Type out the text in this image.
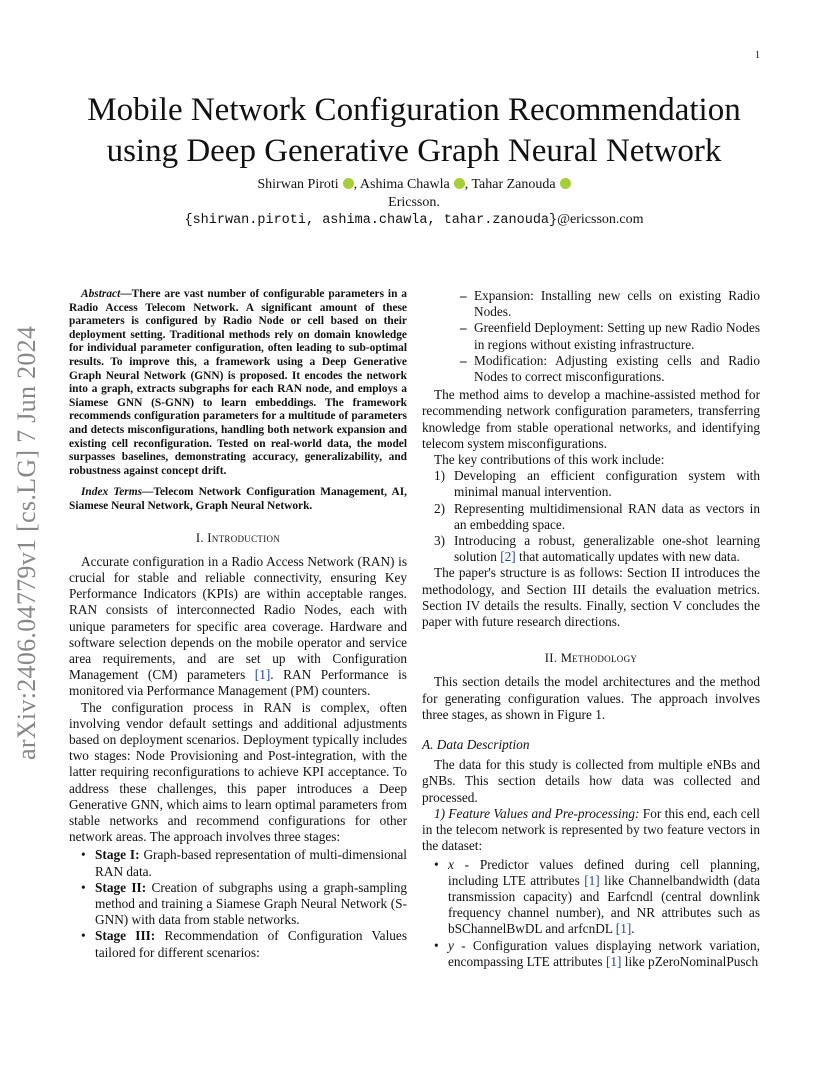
1
arXiv:2406.04779v1 [cs.LG] 7 Jun 2024
Mobile Network Configuration Recommendation
using Deep Generative Graph Neural Network
Shirwan Piroti , Ashima Chawla , Tahar Zanouda
Ericsson.
{shirwan.piroti, ashima.chawla, tahar.zanouda}@ericsson.com

Abstract—There are vast number of configurable parameters in a Radio Access Telecom Network. A significant amount of these parameters is configured by Radio Node or cell based on their deployment setting. Traditional methods rely on domain knowledge for individual parameter configuration, often leading to sub-optimal results. To improve this, a framework using a Deep Generative Graph Neural Network (GNN) is proposed. It encodes the network into a graph, extracts subgraphs for each RAN node, and employs a Siamese GNN (S-GNN) to learn embeddings. The framework recommends configuration parameters for a multitude of parameters and detects misconfigurations, handling both network expansion and existing cell reconfiguration. Tested on real-world data, the model surpasses baselines, demonstrating accuracy, generalizability, and robustness against concept drift.

Index Terms—Telecom Network Configuration Management, AI, Siamese Neural Network, Graph Neural Network.

I. Introduction

Accurate configuration in a Radio Access Network (RAN) is crucial for stable and reliable connectivity, ensuring Key Performance Indicators (KPIs) are within acceptable ranges. RAN consists of interconnected Radio Nodes, each with unique parameters for specific area coverage. Hardware and software selection depends on the mobile operator and service area requirements, and are set up with Configuration Management (CM) parameters [1]. RAN Performance is monitored via Performance Management (PM) counters.

The configuration process in RAN is complex, often involving vendor default settings and additional adjustments based on deployment scenarios. Deployment typically includes two stages: Node Provisioning and Post-integration, with the latter requiring reconfigurations to achieve KPI acceptance. To address these challenges, this paper introduces a Deep Generative GNN, which aims to learn optimal parameters from stable networks and recommend configurations for other network areas. The approach involves three stages:

• Stage I: Graph-based representation of multi-dimensional RAN data.
• Stage II: Creation of subgraphs using a graph-sampling method and training a Siamese Graph Neural Network (S-GNN) with data from stable networks.
• Stage III: Recommendation of Configuration Values tailored for different scenarios:
– Expansion: Installing new cells on existing Radio Nodes.
– Greenfield Deployment: Setting up new Radio Nodes in regions without existing infrastructure.
– Modification: Adjusting existing cells and Radio Nodes to correct misconfigurations.

The method aims to develop a machine-assisted method for recommending network configuration parameters, transferring knowledge from stable operational networks, and identifying telecom system misconfigurations.

The key contributions of this work include:

1) Developing an efficient configuration system with minimal manual intervention.
2) Representing multidimensional RAN data as vectors in an embedding space.
3) Introducing a robust, generalizable one-shot learning solution [2] that automatically updates with new data.

The paper's structure is as follows: Section II introduces the methodology, and Section III details the evaluation metrics. Section IV details the results. Finally, section V concludes the paper with future research directions.

II. Methodology

This section details the model architectures and the method for generating configuration values. The approach involves three stages, as shown in Figure 1.

A. Data Description

The data for this study is collected from multiple eNBs and gNBs. This section details how data was collected and processed.

1) Feature Values and Pre-processing: For this end, each cell in the telecom network is represented by two feature vectors in the dataset:

• x - Predictor values defined during cell planning, including LTE attributes [1] like Channelbandwidth (data transmission capacity) and Earfcndl (central downlink frequency channel number), and NR attributes such as bSChannelBwDL and arfcnDL [1].
• y - Configuration values displaying network variation, encompassing LTE attributes [1] like pZeroNominalPusch
